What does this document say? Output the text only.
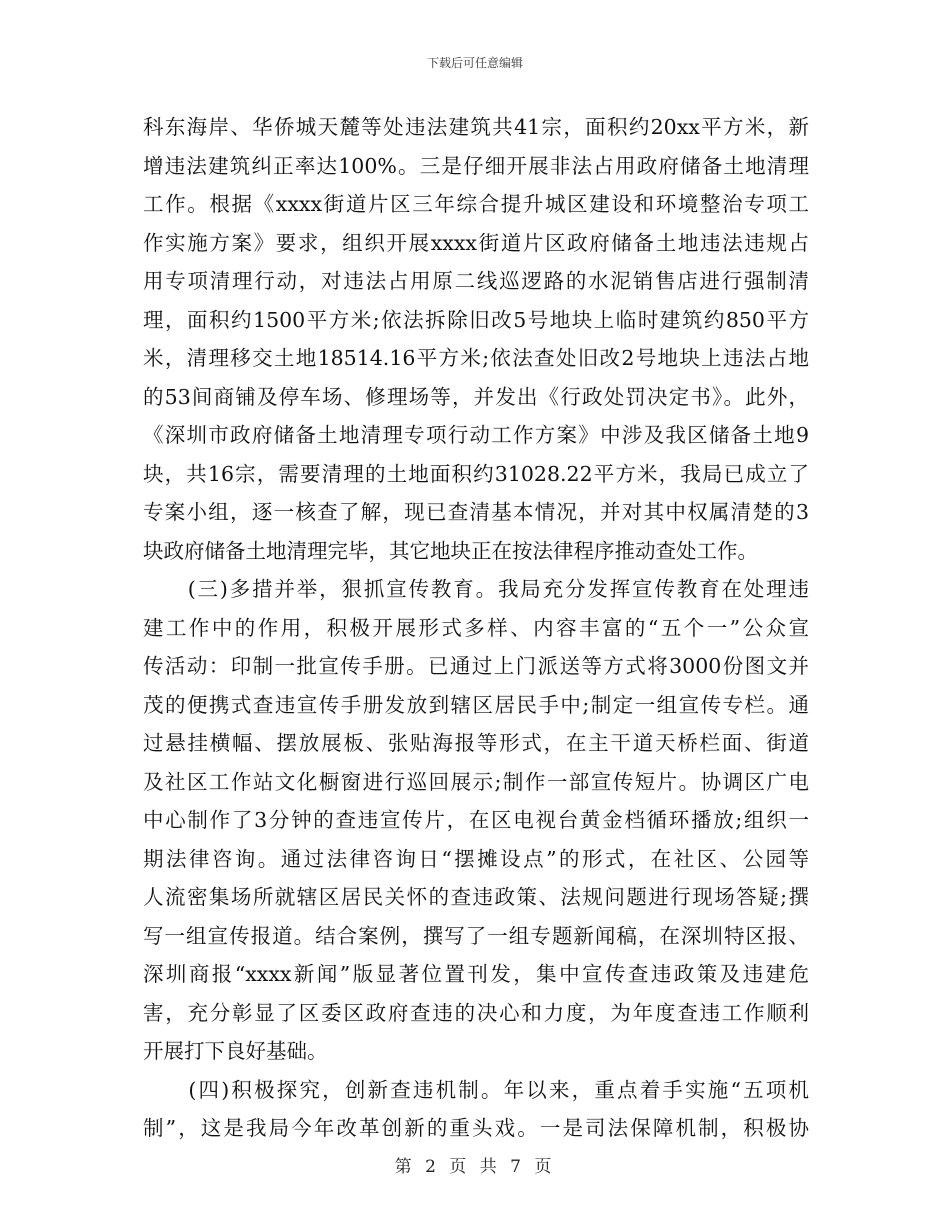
下载后可任意编辑
科东海岸、华侨城天麓等处违法建筑共41宗，面积约20xx平方米，新
增违法建筑纠正率达100%。三是仔细开展非法占用政府储备土地清理
工作。根据《xxxx街道片区三年综合提升城区建设和环境整治专项工
作实施方案》要求，组织开展xxxx街道片区政府储备土地违法违规占
用专项清理行动，对违法占用原二线巡逻路的水泥销售店进行强制清
理，面积约1500平方米;依法拆除旧改5号地块上临时建筑约850平方
米，清理移交土地18514.16平方米;依法查处旧改2号地块上违法占地
的53间商铺及停车场、修理场等，并发出《行政处罚决定书》。此外，
《深圳市政府储备土地清理专项行动工作方案》中涉及我区储备土地9
块，共16宗，需要清理的土地面积约31028.22平方米，我局已成立了
专案小组，逐一核查了解，现已查清基本情况，并对其中权属清楚的3
块政府储备土地清理完毕，其它地块正在按法律程序推动查处工作。
　　(三)多措并举，狠抓宣传教育。我局充分发挥宣传教育在处理违
建工作中的作用，积极开展形式多样、内容丰富的“五个一”公众宣
传活动：印制一批宣传手册。已通过上门派送等方式将3000份图文并
茂的便携式查违宣传手册发放到辖区居民手中;制定一组宣传专栏。通
过悬挂横幅、摆放展板、张贴海报等形式，在主干道天桥栏面、街道
及社区工作站文化橱窗进行巡回展示;制作一部宣传短片。协调区广电
中心制作了3分钟的查违宣传片，在区电视台黄金档循环播放;组织一
期法律咨询。通过法律咨询日“摆摊设点”的形式，在社区、公园等
人流密集场所就辖区居民关怀的查违政策、法规问题进行现场答疑;撰
写一组宣传报道。结合案例，撰写了一组专题新闻稿，在深圳特区报、
深圳商报“xxxx新闻”版显著位置刊发，集中宣传查违政策及违建危
害，充分彰显了区委区政府查违的决心和力度，为年度查违工作顺利
开展打下良好基础。
　　(四)积极探究，创新查违机制。年以来，重点着手实施“五项机
制”，这是我局今年改革创新的重头戏。一是司法保障机制，积极协
第 2 页 共 7 页
